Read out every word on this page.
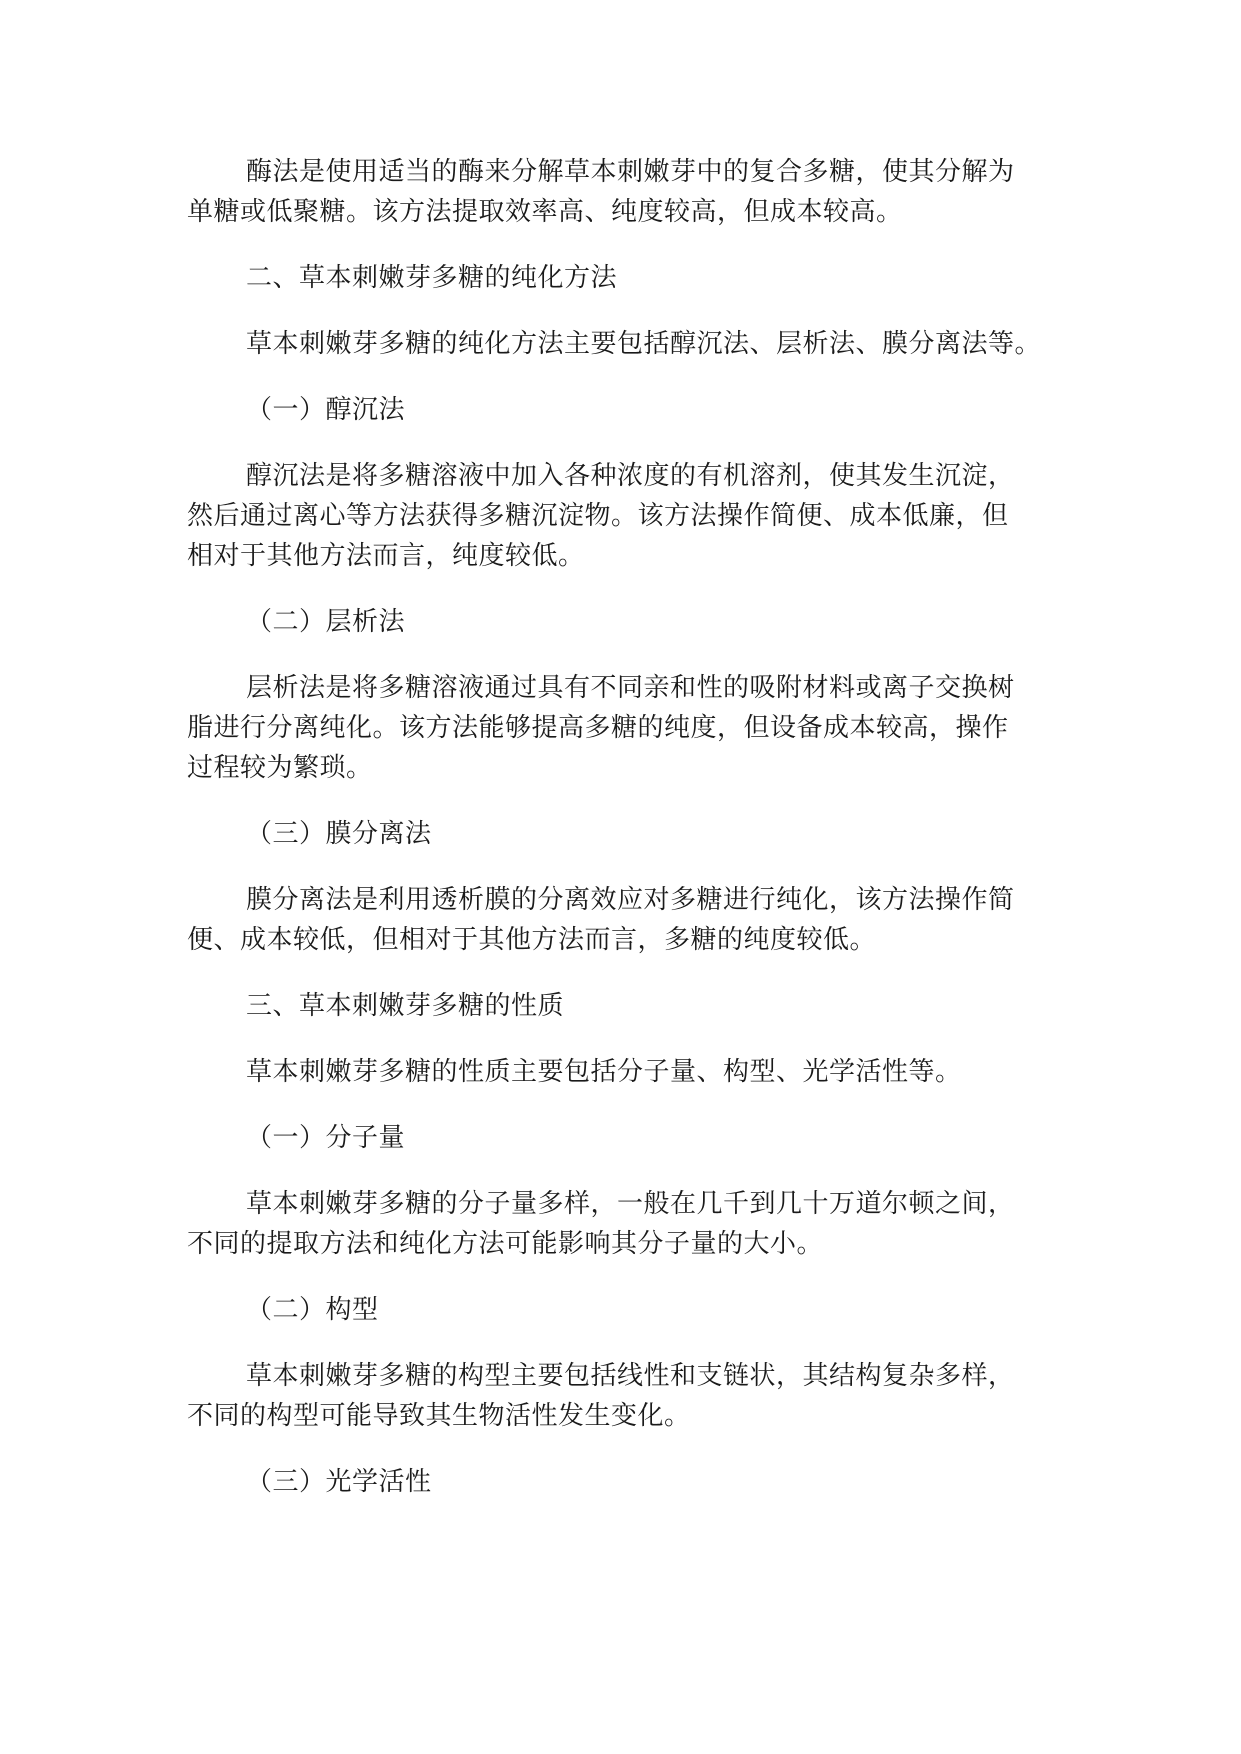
酶法是使用适当的酶来分解草本刺嫩芽中的复合多糖，使其分解为
单糖或低聚糖。该方法提取效率高、纯度较高，但成本较高。

二、草本刺嫩芽多糖的纯化方法

草本刺嫩芽多糖的纯化方法主要包括醇沉法、层析法、膜分离法等。

（一）醇沉法

醇沉法是将多糖溶液中加入各种浓度的有机溶剂，使其发生沉淀，
然后通过离心等方法获得多糖沉淀物。该方法操作简便、成本低廉，但
相对于其他方法而言，纯度较低。

（二）层析法

层析法是将多糖溶液通过具有不同亲和性的吸附材料或离子交换树
脂进行分离纯化。该方法能够提高多糖的纯度，但设备成本较高，操作
过程较为繁琐。

（三）膜分离法

膜分离法是利用透析膜的分离效应对多糖进行纯化，该方法操作简
便、成本较低，但相对于其他方法而言，多糖的纯度较低。

三、草本刺嫩芽多糖的性质

草本刺嫩芽多糖的性质主要包括分子量、构型、光学活性等。

（一）分子量

草本刺嫩芽多糖的分子量多样，一般在几千到几十万道尔顿之间，
不同的提取方法和纯化方法可能影响其分子量的大小。

（二）构型

草本刺嫩芽多糖的构型主要包括线性和支链状，其结构复杂多样，
不同的构型可能导致其生物活性发生变化。

（三）光学活性
